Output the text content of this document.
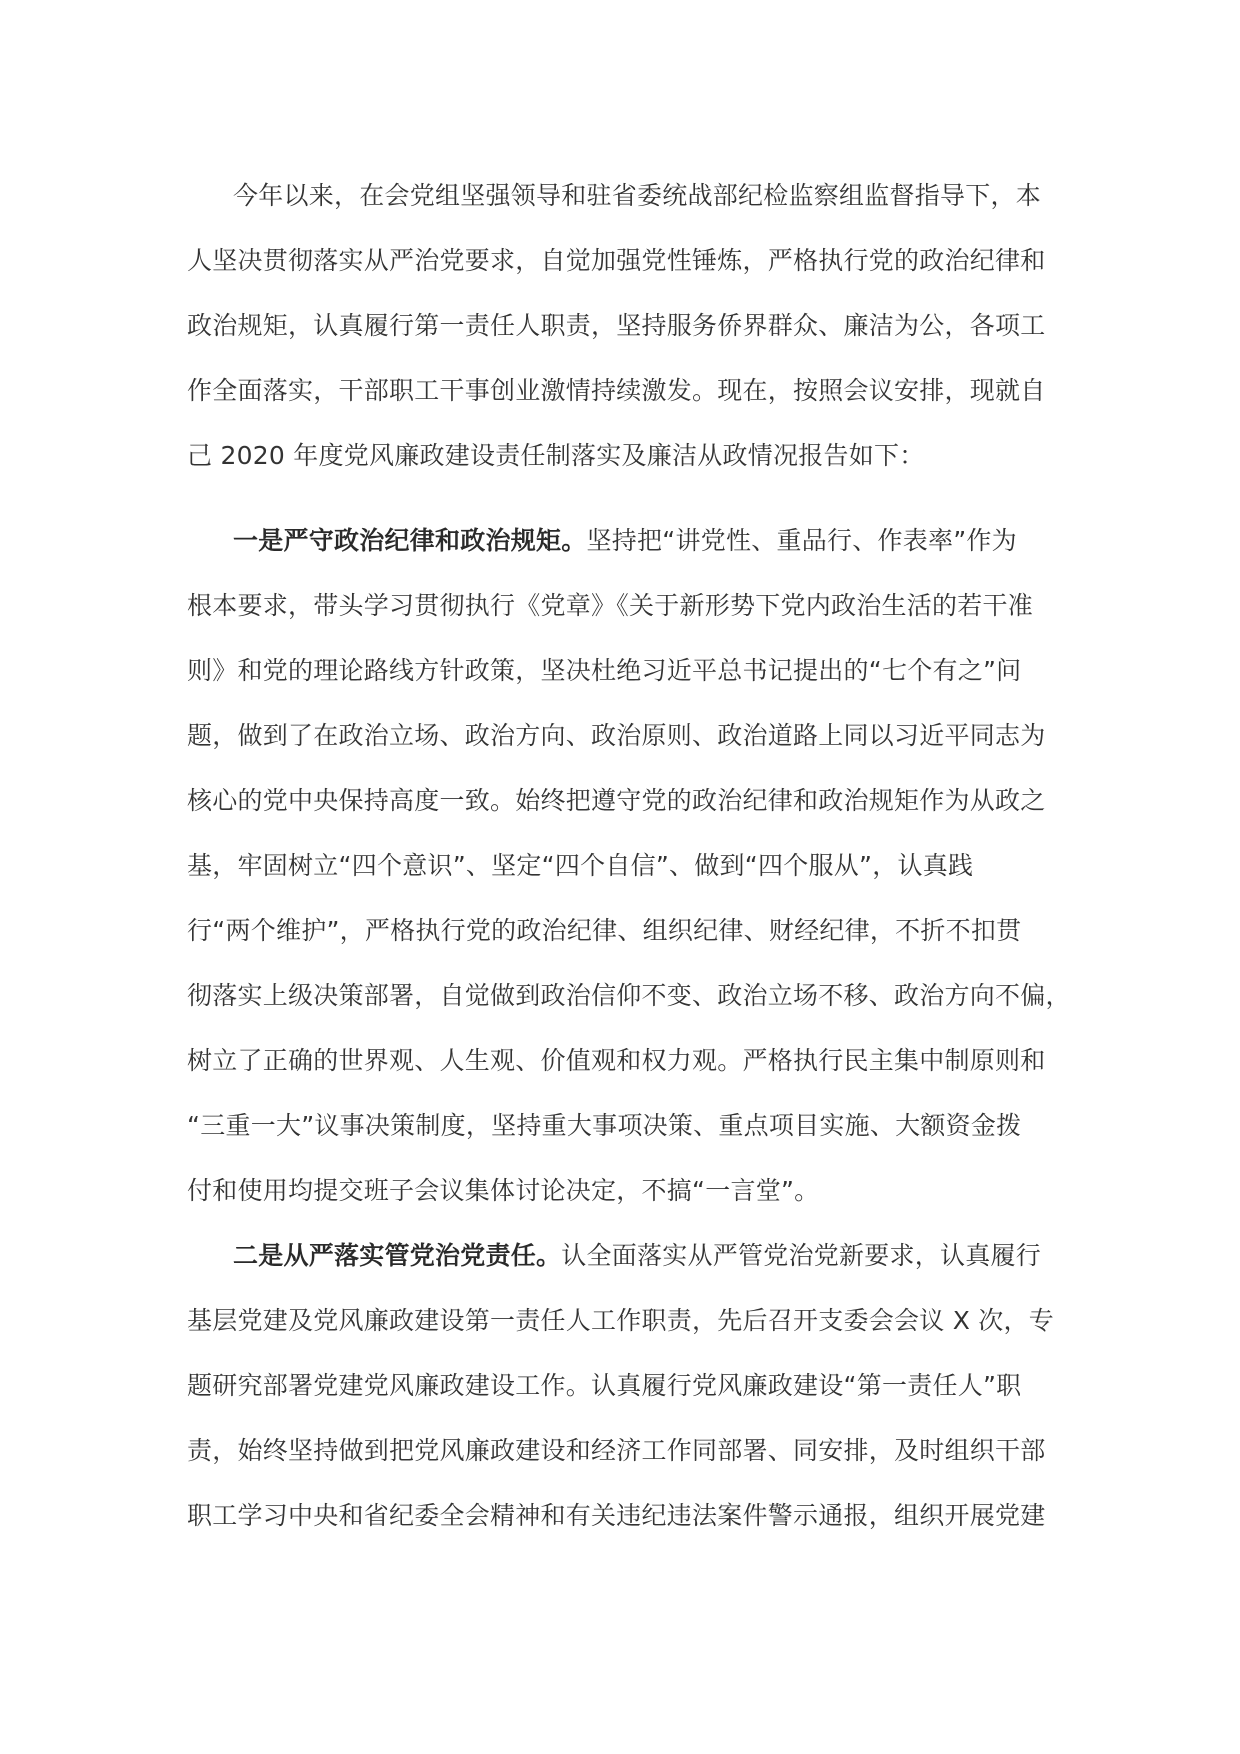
今年以来，在会党组坚强领导和驻省委统战部纪检监察组监督指导下，本
人坚决贯彻落实从严治党要求，自觉加强党性锤炼，严格执行党的政治纪律和
政治规矩，认真履行第一责任人职责，坚持服务侨界群众、廉洁为公，各项工
作全面落实，干部职工干事创业激情持续激发。现在，按照会议安排，现就自
己 2020 年度党风廉政建设责任制落实及廉洁从政情况报告如下：
一是严守政治纪律和政治规矩。坚持把“讲党性、重品行、作表率”作为
根本要求，带头学习贯彻执行《党章》《关于新形势下党内政治生活的若干准
则》和党的理论路线方针政策，坚决杜绝习近平总书记提出的“七个有之”问
题，做到了在政治立场、政治方向、政治原则、政治道路上同以习近平同志为
核心的党中央保持高度一致。始终把遵守党的政治纪律和政治规矩作为从政之
基，牢固树立“四个意识”、坚定“四个自信”、做到“四个服从”，认真践
行“两个维护”，严格执行党的政治纪律、组织纪律、财经纪律，不折不扣贯
彻落实上级决策部署，自觉做到政治信仰不变、政治立场不移、政治方向不偏，
树立了正确的世界观、人生观、价值观和权力观。严格执行民主集中制原则和
“三重一大”议事决策制度，坚持重大事项决策、重点项目实施、大额资金拨
付和使用均提交班子会议集体讨论决定，不搞“一言堂”。
二是从严落实管党治党责任。认全面落实从严管党治党新要求，认真履行
基层党建及党风廉政建设第一责任人工作职责，先后召开支委会会议 X 次，专
题研究部署党建党风廉政建设工作。认真履行党风廉政建设“第一责任人”职
责，始终坚持做到把党风廉政建设和经济工作同部署、同安排，及时组织干部
职工学习中央和省纪委全会精神和有关违纪违法案件警示通报，组织开展党建
